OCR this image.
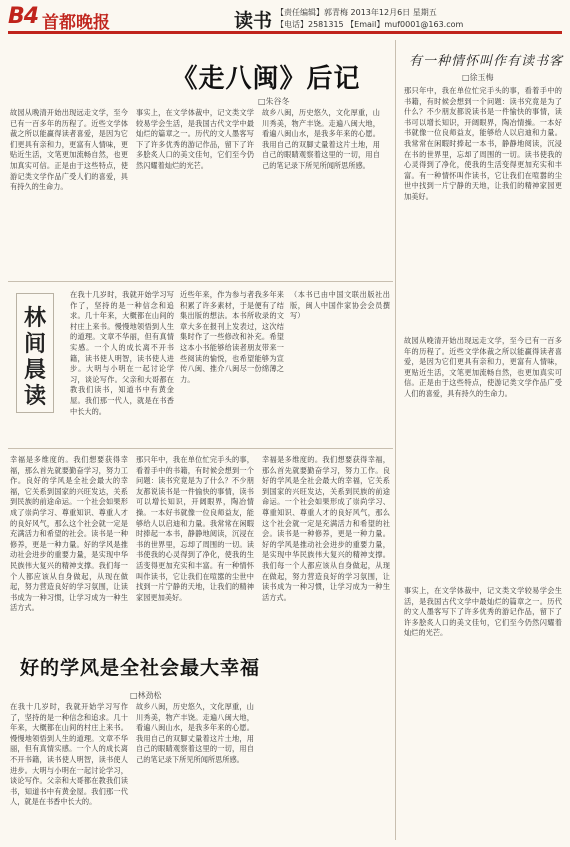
B4 首都晚报	读书 【责任编辑】郭青梅 2013年12月6日 星期五
【电话】2581315 【Email】muf0001@163.com
《走八闽》后记
□朱谷冬
故园从晚清开始出现远走文学，至今已有一百多年的历程了。近些文学体裁之所以能赢得读者喜爱，是因为它们更具有亲和力，更富有人情味，更贴近生活，文笔更加流畅自然，也更加真实可信。正是由于这些特点，使游记类文学作品广受人们的喜爱，具有持久的生命力。
事实上，在文学体裁中，记文类文学较易学会生活，是我国古代文学中最灿烂的篇章之一。历代的文人墨客写下了许多优秀的游记作品，留下了许多脍炙人口的美文佳句，它们至今仍然闪耀着灿烂的光芒。
故乡八闽，历史悠久，文化厚重，山川秀美，物产丰饶。走遍八闽大地，看遍八闽山水，是我多年来的心愿。我用自己的双脚丈量着这片土地，用自己的眼睛观察着这里的一切，用自己的笔记录下所见所闻所思所感。
林
间
晨
读
在我十几岁时，我就开始学习写作了，坚持的是一种信念和追求。几十年来，大概都在山间的村庄上来书。慢慢地领悟到人生的道理。文章不华丽，但有真情实感。一个人的成长离不开书籍，读书使人明智，读书使人进步。大明与小明在一起讨论学习，谈论写作。父亲和大哥都在教我们读书，知道书中有黄金屋。我们那一代人，就是在书香中长大的。
近些年来，作为参与者我多年来积累了许多素材，于是便有了结集出版的想法。本书所收录的文章大多在报刊上发表过，这次结集时作了一些修改和补充。希望这本小书能够给读者朋友带来一些阅读的愉悦，也希望能够为宣传八闽、推介八闽尽一份绵薄之力。
（本书已由中国文联出版社出版，闽人中国作家协会会员撰写）
幸福是多维度的。我们想要获得幸福，那么首先就要勤奋学习，努力工作。良好的学风是全社会最大的幸福，它关系到国家的兴旺发达，关系到民族的前途命运。一个社会如果形成了崇尚学习、尊重知识、尊重人才的良好风气，那么这个社会就一定是充满活力和希望的社会。读书是一种修养，更是一种力量。好的学风是推动社会进步的重要力量，是实现中华民族伟大复兴的精神支撑。我们每一个人都应该从自身做起，从现在做起，努力营造良好的学习氛围，让读书成为一种习惯，让学习成为一种生活方式。
那只年中，我在单位忙完手头的事，看着手中的书籍，有时候会想到一个问题：读书究竟是为了什么？不少朋友都说读书是一件愉快的事情，读书可以增长知识，开阔眼界，陶冶情操。一本好书就像一位良师益友，能够给人以启迪和力量。我常常在闲暇时捧起一本书，静静地阅读，沉浸在书的世界里，忘却了周围的一切。读书使我的心灵得到了净化，使我的生活变得更加充实和丰富。有一种情怀叫作读书，它让我们在喧嚣的尘世中找到一片宁静的天地，让我们的精神家园更加美好。
幸福是多维度的。我们想要获得幸福，那么首先就要勤奋学习，努力工作。良好的学风是全社会最大的幸福，它关系到国家的兴旺发达，关系到民族的前途命运。一个社会如果形成了崇尚学习、尊重知识、尊重人才的良好风气，那么这个社会就一定是充满活力和希望的社会。读书是一种修养，更是一种力量。好的学风是推动社会进步的重要力量，是实现中华民族伟大复兴的精神支撑。我们每一个人都应该从自身做起，从现在做起，努力营造良好的学习氛围，让读书成为一种习惯，让学习成为一种生活方式。
好的学风是全社会最大幸福
□林劲松
在我十几岁时，我就开始学习写作了，坚持的是一种信念和追求。几十年来，大概都在山间的村庄上来书。慢慢地领悟到人生的道理。文章不华丽，但有真情实感。一个人的成长离不开书籍，读书使人明智，读书使人进步。大明与小明在一起讨论学习，谈论写作。父亲和大哥都在教我们读书，知道书中有黄金屋。我们那一代人，就是在书香中长大的。
故乡八闽，历史悠久，文化厚重，山川秀美，物产丰饶。走遍八闽大地，看遍八闽山水，是我多年来的心愿。我用自己的双脚丈量着这片土地，用自己的眼睛观察着这里的一切，用自己的笔记录下所见所闻所思所感。
有一种情怀叫作有读书客
□徐玉梅
那只年中，我在单位忙完手头的事，看着手中的书籍，有时候会想到一个问题：读书究竟是为了什么？不少朋友都说读书是一件愉快的事情，读书可以增长知识，开阔眼界，陶冶情操。一本好书就像一位良师益友，能够给人以启迪和力量。我常常在闲暇时捧起一本书，静静地阅读，沉浸在书的世界里，忘却了周围的一切。读书使我的心灵得到了净化，使我的生活变得更加充实和丰富。有一种情怀叫作读书，它让我们在喧嚣的尘世中找到一片宁静的天地，让我们的精神家园更加美好。
故园从晚清开始出现远走文学，至今已有一百多年的历程了。近些文学体裁之所以能赢得读者喜爱，是因为它们更具有亲和力，更富有人情味，更贴近生活，文笔更加流畅自然，也更加真实可信。正是由于这些特点，使游记类文学作品广受人们的喜爱，具有持久的生命力。
事实上，在文学体裁中，记文类文学较易学会生活，是我国古代文学中最灿烂的篇章之一。历代的文人墨客写下了许多优秀的游记作品，留下了许多脍炙人口的美文佳句，它们至今仍然闪耀着灿烂的光芒。
